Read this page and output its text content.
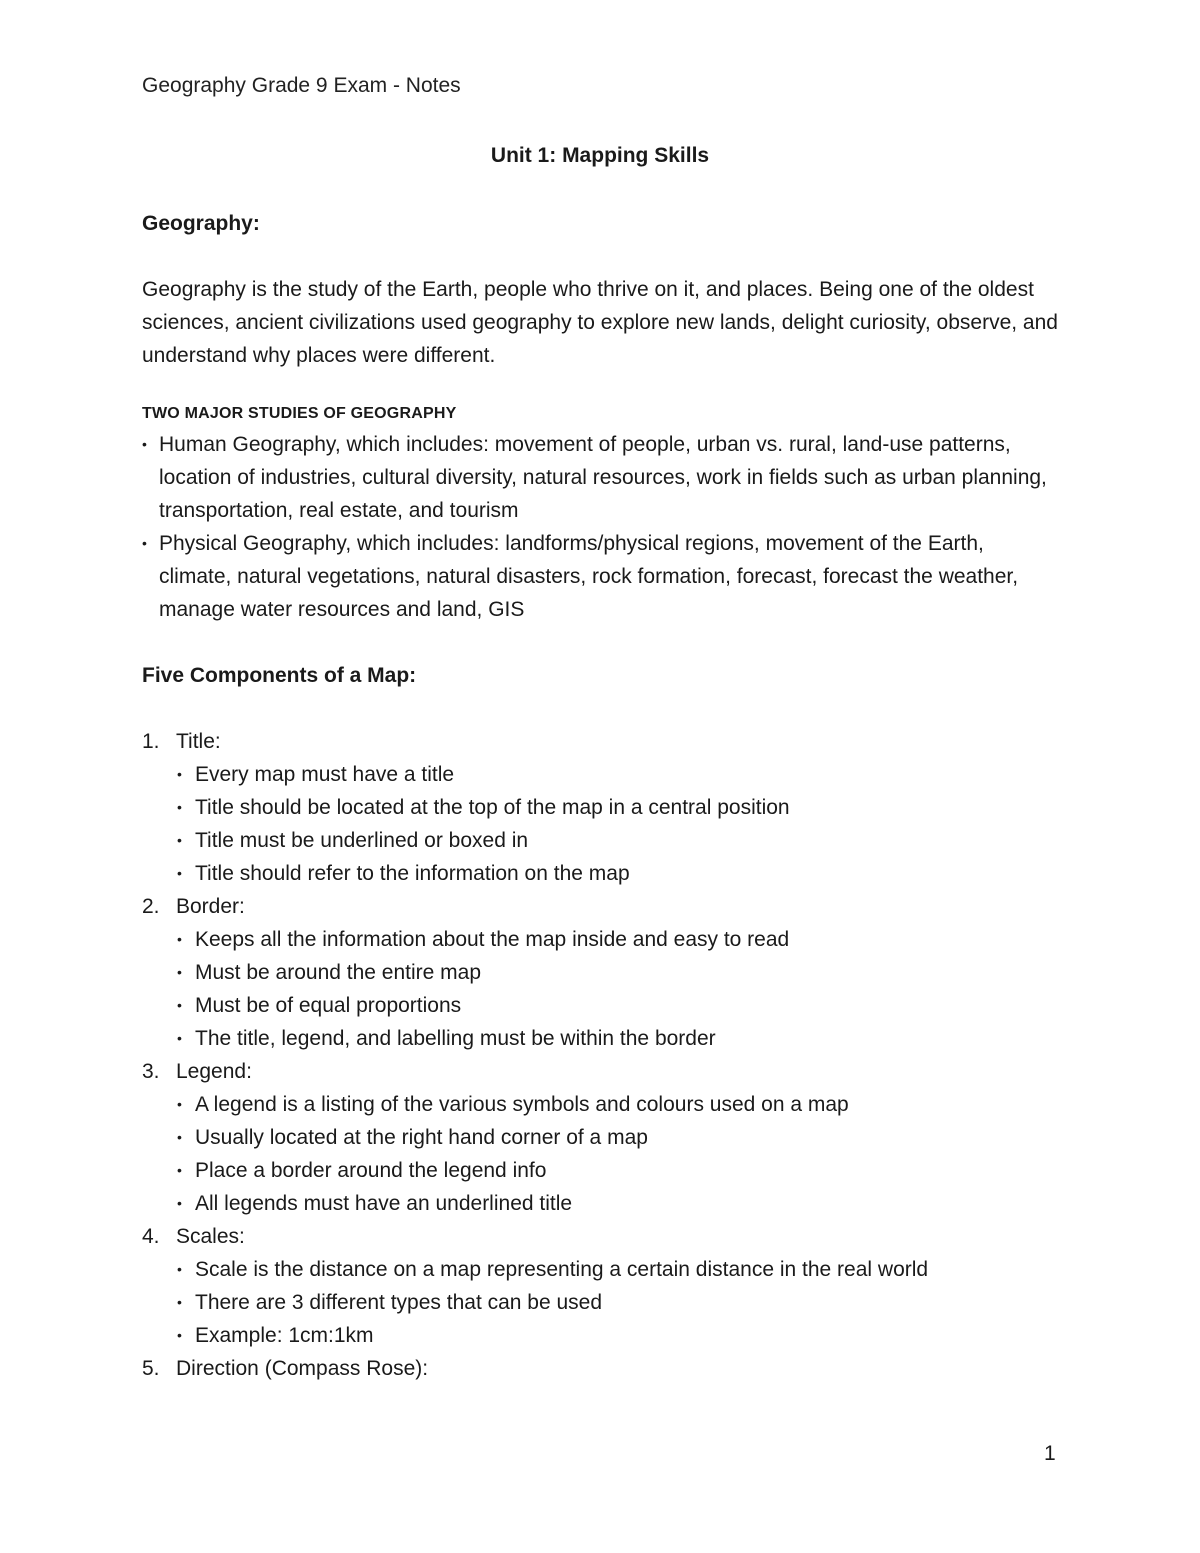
Geography Grade 9 Exam - Notes
Unit 1: Mapping Skills

Geography:

Geography is the study of the Earth, people who thrive on it, and places. Being one of the oldest sciences, ancient civilizations used geography to explore new lands, delight curiosity, observe, and understand why places were different.

TWO MAJOR STUDIES OF GEOGRAPHY

• Human Geography, which includes: movement of people, urban vs. rural, land-use patterns, location of industries, cultural diversity, natural resources, work in fields such as urban planning, transportation, real estate, and tourism
• Physical Geography, which includes: landforms/physical regions, movement of the Earth, climate, natural vegetations, natural disasters, rock formation, forecast, forecast the weather, manage water resources and land, GIS

Five Components of a Map:

1. Title:
• Every map must have a title
• Title should be located at the top of the map in a central position
• Title must be underlined or boxed in
• Title should refer to the information on the map
2. Border:
• Keeps all the information about the map inside and easy to read
• Must be around the entire map
• Must be of equal proportions
• The title, legend, and labelling must be within the border
3. Legend:
• A legend is a listing of the various symbols and colours used on a map
• Usually located at the right hand corner of a map
• Place a border around the legend info
• All legends must have an underlined title
4. Scales:
• Scale is the distance on a map representing a certain distance in the real world
• There are 3 different types that can be used
• Example: 1cm:1km
5. Direction (Compass Rose):
1
